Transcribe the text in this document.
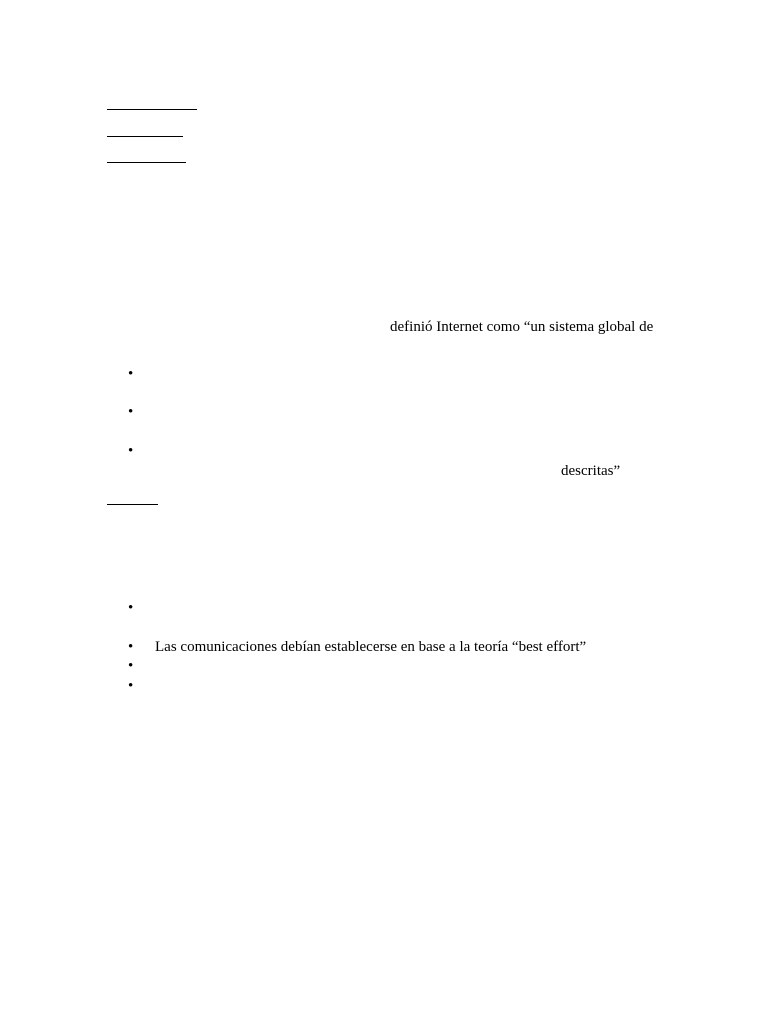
definió Internet como “un sistema global de
•
•
•
descritas”
•
• Las comunicaciones debían establecerse en base a la teoría “best effort”
•
•
